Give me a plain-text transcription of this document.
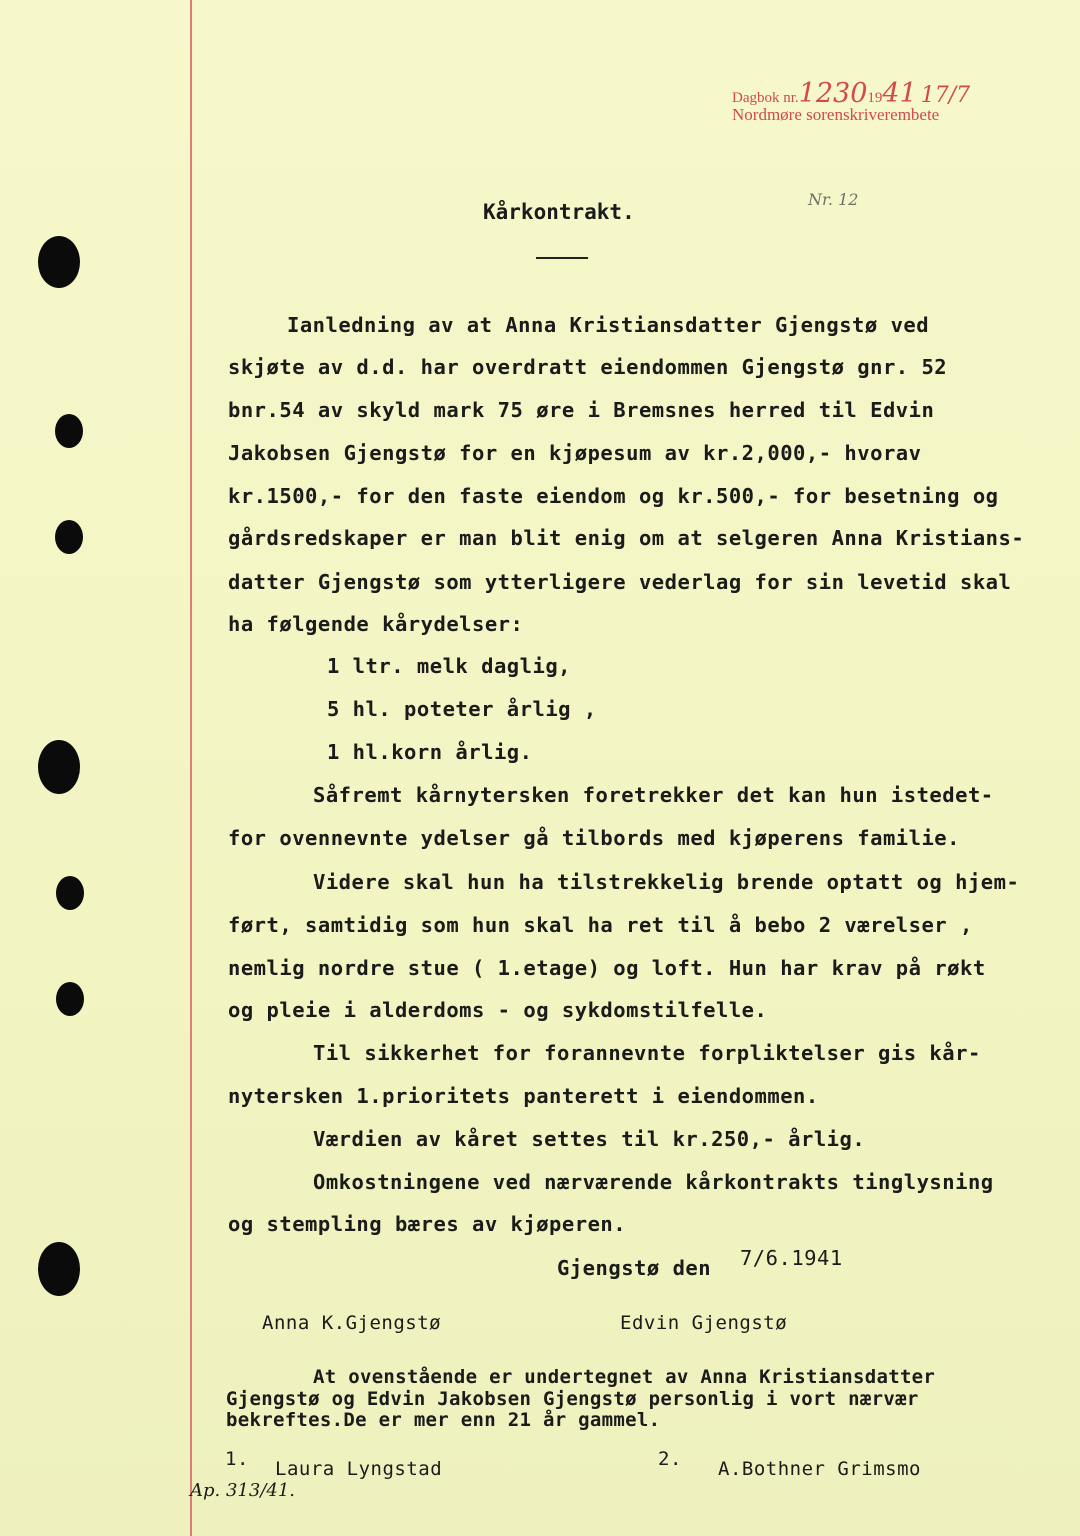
Dagbok nr.12301941 17/7
Nordmøre sorenskriverembete
Nr. 12
Kårkontrakt.
Ianledning av at Anna Kristiansdatter Gjengstø ved
skjøte av d.d. har overdratt eiendommen Gjengstø gnr. 52
bnr.54 av skyld mark 75 øre i Bremsnes herred til Edvin
Jakobsen Gjengstø for en kjøpesum av kr.2,000,- hvorav
kr.1500,- for den faste eiendom og kr.500,- for besetning og
gårdsredskaper er man blit enig om at selgeren Anna Kristians-
datter Gjengstø som ytterligere vederlag for sin levetid skal
ha følgende kårydelser:
1 ltr. melk daglig,
5 hl. poteter årlig ,
1 hl.korn årlig.
Såfremt kårnytersken foretrekker det kan hun istedet-
for ovennevnte ydelser gå tilbords med kjøperens familie.
Videre skal hun ha tilstrekkelig brende optatt og hjem-
ført, samtidig som hun skal ha ret til å bebo 2 værelser ,
nemlig nordre stue ( 1.etage) og loft. Hun har krav på røkt
og pleie i alderdoms - og sykdomstilfelle.
Til sikkerhet for forannevnte forpliktelser gis kår-
nytersken 1.prioritets panterett i eiendommen.
Værdien av kåret settes til kr.250,- årlig.
Omkostningene ved nærværende kårkontrakts tinglysning
og stempling bæres av kjøperen.
Gjengstø den 7/6.1941
Anna K.Gjengstø	Edvin Gjengstø
At ovenstående er undertegnet av Anna Kristiansdatter
Gjengstø og Edvin Jakobsen Gjengstø personlig i vort nærvær
bekreftes.De er mer enn 21 år gammel.
1. Laura Lyngstad	2. A.Bothner Grimsmo
Ap. 313/41.
